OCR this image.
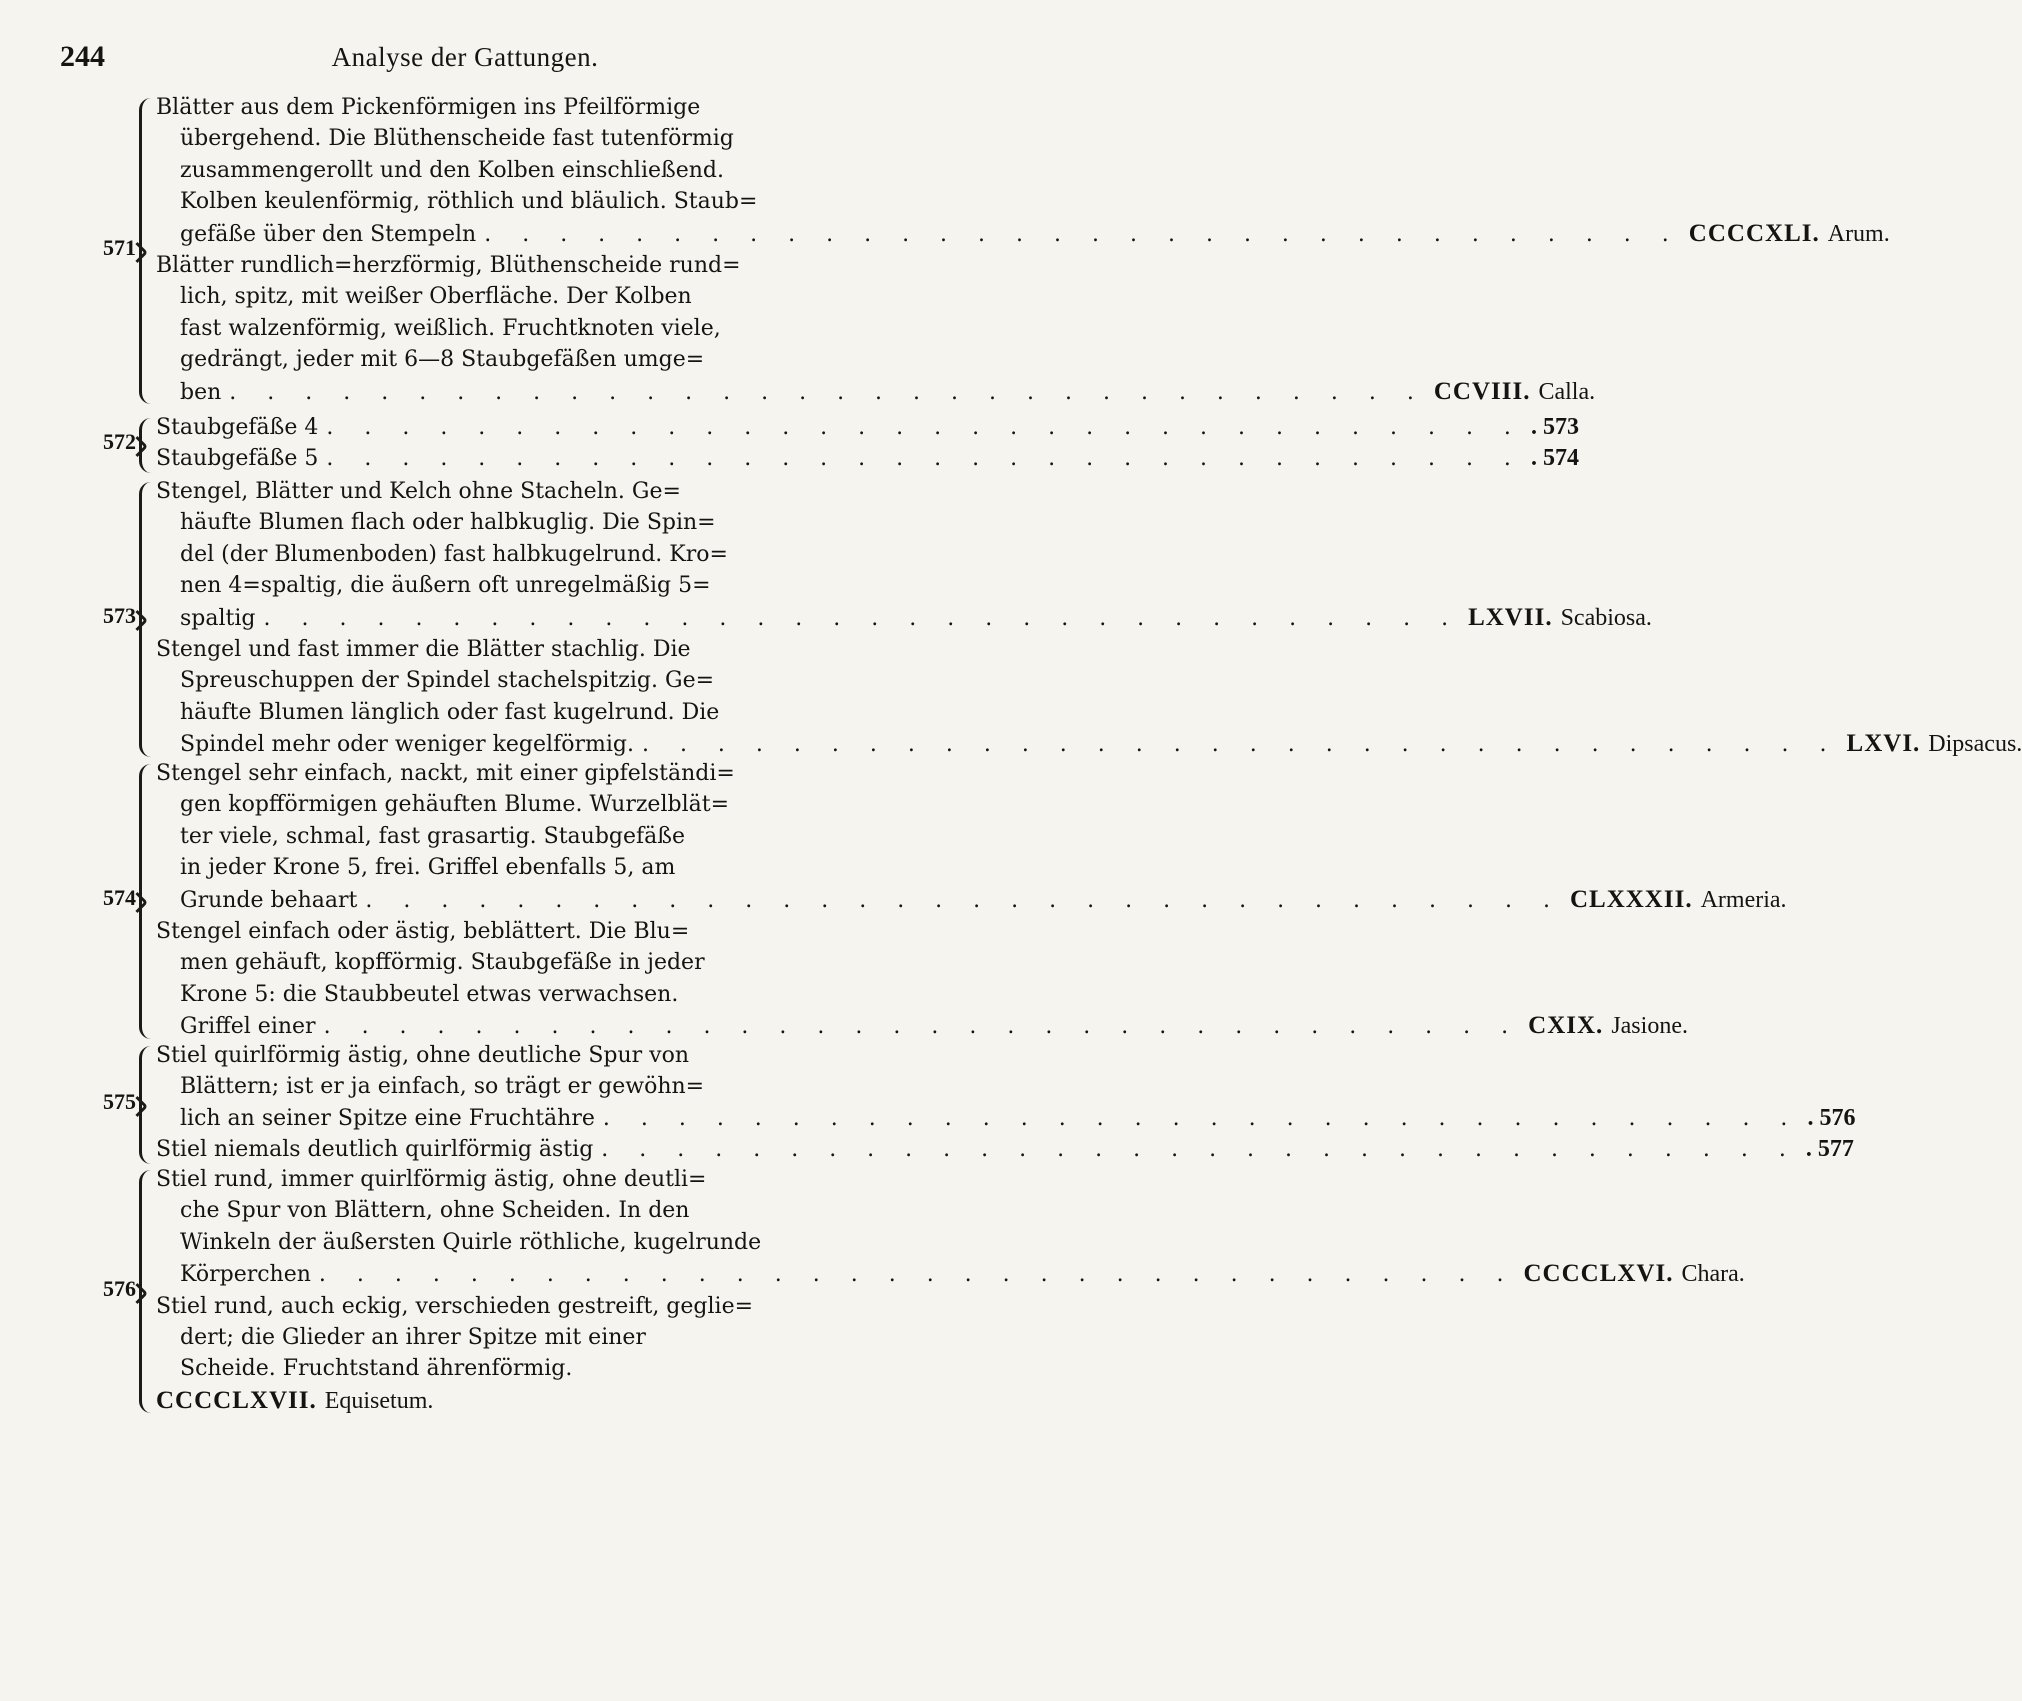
244	Analyse der Gattungen.
571
Blätter aus dem Pickenförmigen ins Pfeilförmige
übergehend. Die Blüthenscheide fast tutenförmig
zusammengerollt und den Kolben einschließend.
Kolben keulenförmig, röthlich und bläulich. Staub=
gefäße über den Stempeln . . . . . . . . . . . . . . . . . . . . . . . . . . . . . . . . CCCCXLI. Arum.
Blätter rundlich=herzförmig, Blüthenscheide rund=
lich, spitz, mit weißer Oberfläche. Der Kolben
fast walzenförmig, weißlich. Fruchtknoten viele,
gedrängt, jeder mit 6—8 Staubgefäßen umge=
ben . . . . . . . . . . . . . . . . . . . . . . . . . . . . . . . . CCVIII. Calla.
572
Staubgefäße 4 . . . . . . . . . . . . . . . . . . . . . . . . . . . . . . . . . 573
Staubgefäße 5 . . . . . . . . . . . . . . . . . . . . . . . . . . . . . . . . . 574
573
Stengel, Blätter und Kelch ohne Stacheln. Ge=
häufte Blumen flach oder halbkuglig. Die Spin=
del (der Blumenboden) fast halbkugelrund. Kro=
nen 4=spaltig, die äußern oft unregelmäßig 5=
spaltig . . . . . . . . . . . . . . . . . . . . . . . . . . . . . . . . LXVII. Scabiosa.
Stengel und fast immer die Blätter stachlig. Die
Spreuschuppen der Spindel stachelspitzig. Ge=
häufte Blumen länglich oder fast kugelrund. Die
Spindel mehr oder weniger kegelförmig. . . . . . . . . . . . . . . . . . . . . . . . . . . . . . . . . LXVI. Dipsacus.
574
Stengel sehr einfach, nackt, mit einer gipfelständi=
gen kopfförmigen gehäuften Blume. Wurzelblät=
ter viele, schmal, fast grasartig. Staubgefäße
in jeder Krone 5, frei. Griffel ebenfalls 5, am
Grunde behaart . . . . . . . . . . . . . . . . . . . . . . . . . . . . . . . . CLXXXII. Armeria.
Stengel einfach oder ästig, beblättert. Die Blu=
men gehäuft, kopfförmig. Staubgefäße in jeder
Krone 5: die Staubbeutel etwas verwachsen.
Griffel einer . . . . . . . . . . . . . . . . . . . . . . . . . . . . . . . . CXIX. Jasione.
575
Stiel quirlförmig ästig, ohne deutliche Spur von
Blättern; ist er ja einfach, so trägt er gewöhn=
lich an seiner Spitze eine Fruchtähre . . . . . . . . . . . . . . . . . . . . . . . . . . . . . . . . . 576
Stiel niemals deutlich quirlförmig ästig . . . . . . . . . . . . . . . . . . . . . . . . . . . . . . . . . 577
576
Stiel rund, immer quirlförmig ästig, ohne deutli=
che Spur von Blättern, ohne Scheiden. In den
Winkeln der äußersten Quirle röthliche, kugelrunde
Körperchen . . . . . . . . . . . . . . . . . . . . . . . . . . . . . . . . CCCCLXVI. Chara.
Stiel rund, auch eckig, verschieden gestreift, geglie=
dert; die Glieder an ihrer Spitze mit einer
Scheide. Fruchtstand ährenförmig.
CCCCLXVII. Equisetum.
